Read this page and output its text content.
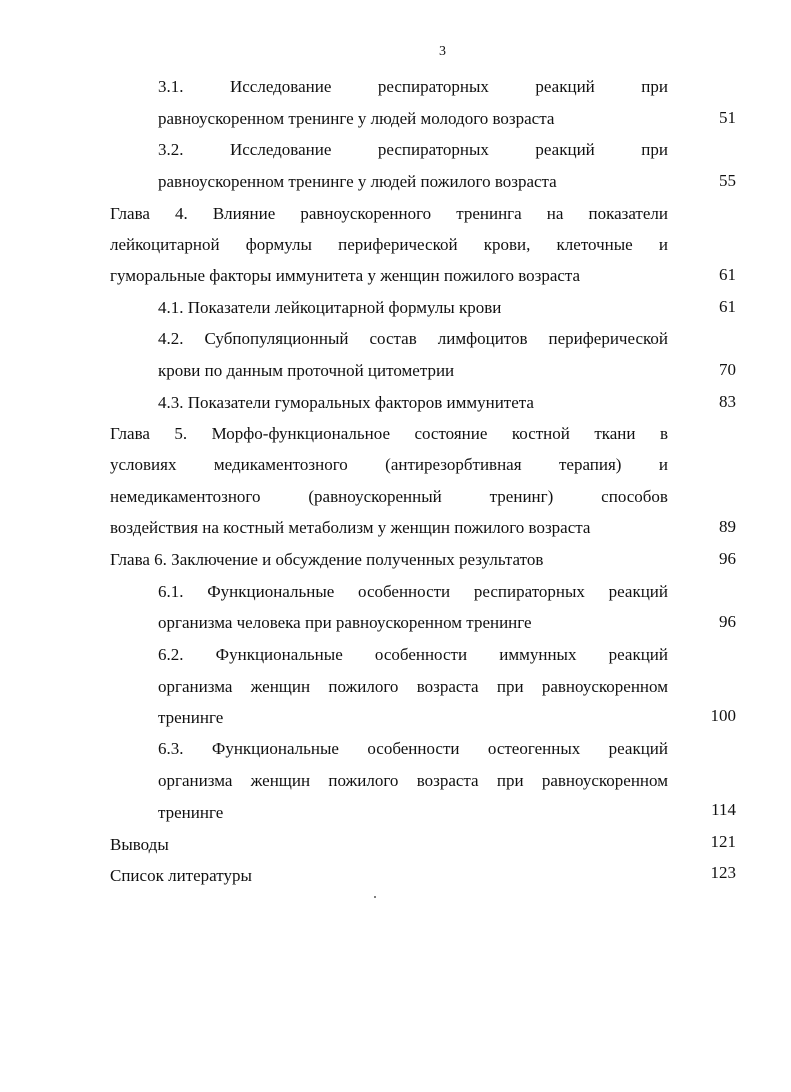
3
3.1.	Исследование	респираторных	реакций	при
равноускоренном тренинге у людей молодого возраста	51
3.2.	Исследование	респираторных	реакций	при
равноускоренном тренинге у людей пожилого возраста	55
Глава 4. Влияние равноускоренного тренинга на показатели
лейкоцитарной формулы периферической крови, клеточные и
гуморальные факторы иммунитета у женщин пожилого возраста	61
4.1. Показатели лейкоцитарной формулы крови	61
4.2. Субпопуляционный состав лимфоцитов периферической
крови по данным проточной цитометрии	70
4.3. Показатели гуморальных факторов иммунитета	83
Глава 5. Морфо-функциональное состояние костной ткани в
условиях медикаментозного (антирезорбтивная терапия) и
немедикаментозного	(равноускоренный	тренинг)	способов
воздействия на костный метаболизм у женщин пожилого возраста	89
Глава 6. Заключение и обсуждение полученных результатов	96
6.1. Функциональные особенности респираторных реакций
организма человека при равноускоренном тренинге	96
6.2. Функциональные особенности иммунных реакций
организма женщин пожилого возраста при равноускоренном
тренинге	100
6.3. Функциональные особенности остеогенных реакций
организма женщин пожилого возраста при равноускоренном
тренинге	114
Выводы	121
Список литературы	123
